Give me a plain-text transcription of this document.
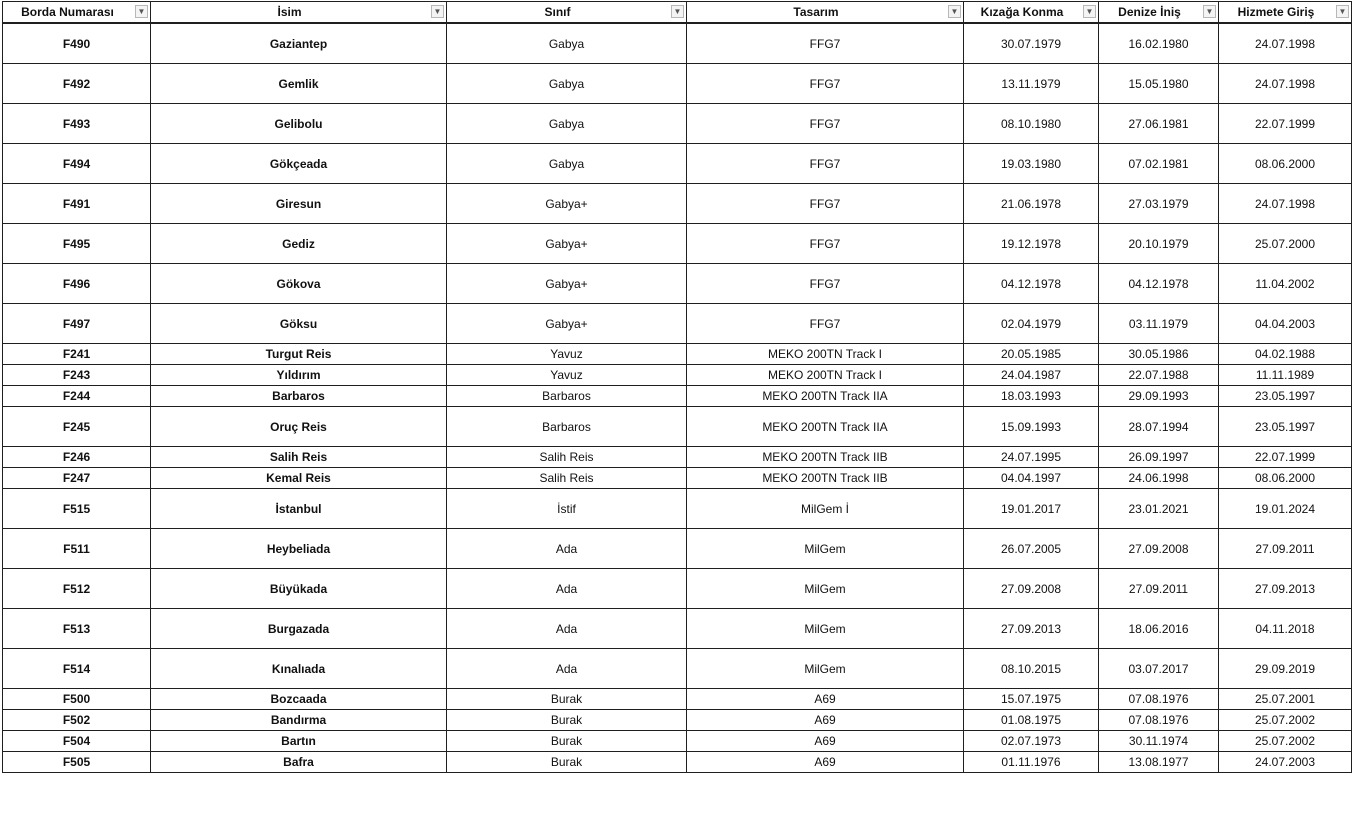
Borda Numarası ▼	İsim ▼	Sınıf ▼	Tasarım ▼	Kızağa Konma ▼	Denize İniş ▼	Hizmete Giriş ▼

F490	Gaziantep	Gabya	FFG7	30.07.1979	16.02.1980	24.07.1998
F492	Gemlik	Gabya	FFG7	13.11.1979	15.05.1980	24.07.1998
F493	Gelibolu	Gabya	FFG7	08.10.1980	27.06.1981	22.07.1999
F494	Gökçeada	Gabya	FFG7	19.03.1980	07.02.1981	08.06.2000
F491	Giresun	Gabya+	FFG7	21.06.1978	27.03.1979	24.07.1998
F495	Gediz	Gabya+	FFG7	19.12.1978	20.10.1979	25.07.2000
F496	Gökova	Gabya+	FFG7	04.12.1978	04.12.1978	11.04.2002
F497	Göksu	Gabya+	FFG7	02.04.1979	03.11.1979	04.04.2003
F241	Turgut Reis	Yavuz	MEKO 200TN Track I	20.05.1985	30.05.1986	04.02.1988
F243	Yıldırım	Yavuz	MEKO 200TN Track I	24.04.1987	22.07.1988	11.11.1989
F244	Barbaros	Barbaros	MEKO 200TN Track IIA	18.03.1993	29.09.1993	23.05.1997
F245	Oruç Reis	Barbaros	MEKO 200TN Track IIA	15.09.1993	28.07.1994	23.05.1997
F246	Salih Reis	Salih Reis	MEKO 200TN Track IIB	24.07.1995	26.09.1997	22.07.1999
F247	Kemal Reis	Salih Reis	MEKO 200TN Track IIB	04.04.1997	24.06.1998	08.06.2000
F515	İstanbul	İstif	MilGem İ	19.01.2017	23.01.2021	19.01.2024
F511	Heybeliada	Ada	MilGem	26.07.2005	27.09.2008	27.09.2011
F512	Büyükada	Ada	MilGem	27.09.2008	27.09.2011	27.09.2013
F513	Burgazada	Ada	MilGem	27.09.2013	18.06.2016	04.11.2018
F514	Kınalıada	Ada	MilGem	08.10.2015	03.07.2017	29.09.2019
F500	Bozcaada	Burak	A69	15.07.1975	07.08.1976	25.07.2001
F502	Bandırma	Burak	A69	01.08.1975	07.08.1976	25.07.2002
F504	Bartın	Burak	A69	02.07.1973	30.11.1974	25.07.2002
F505	Bafra	Burak	A69	01.11.1976	13.08.1977	24.07.2003
